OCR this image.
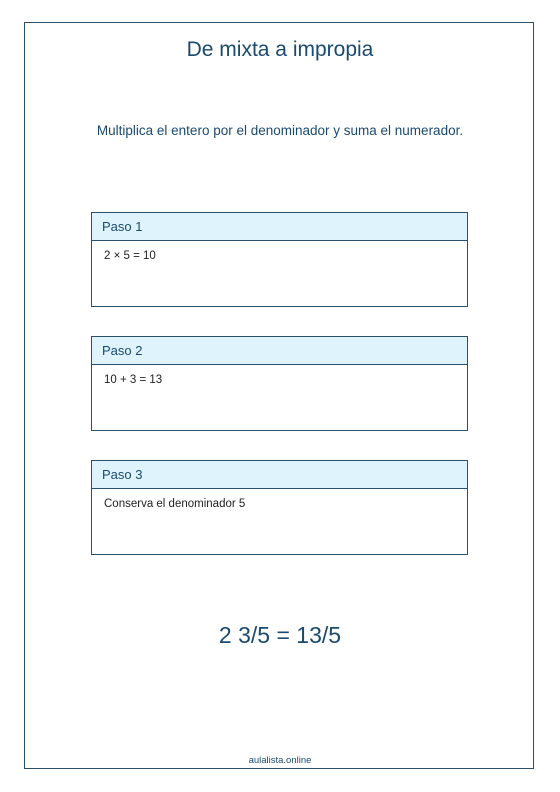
De mixta a impropia
Multiplica el entero por el denominador y suma el numerador.
Paso 1
2 × 5 = 10
Paso 2
10 + 3 = 13
Paso 3
Conserva el denominador 5
2 3/5 = 13/5
aulalista.online
